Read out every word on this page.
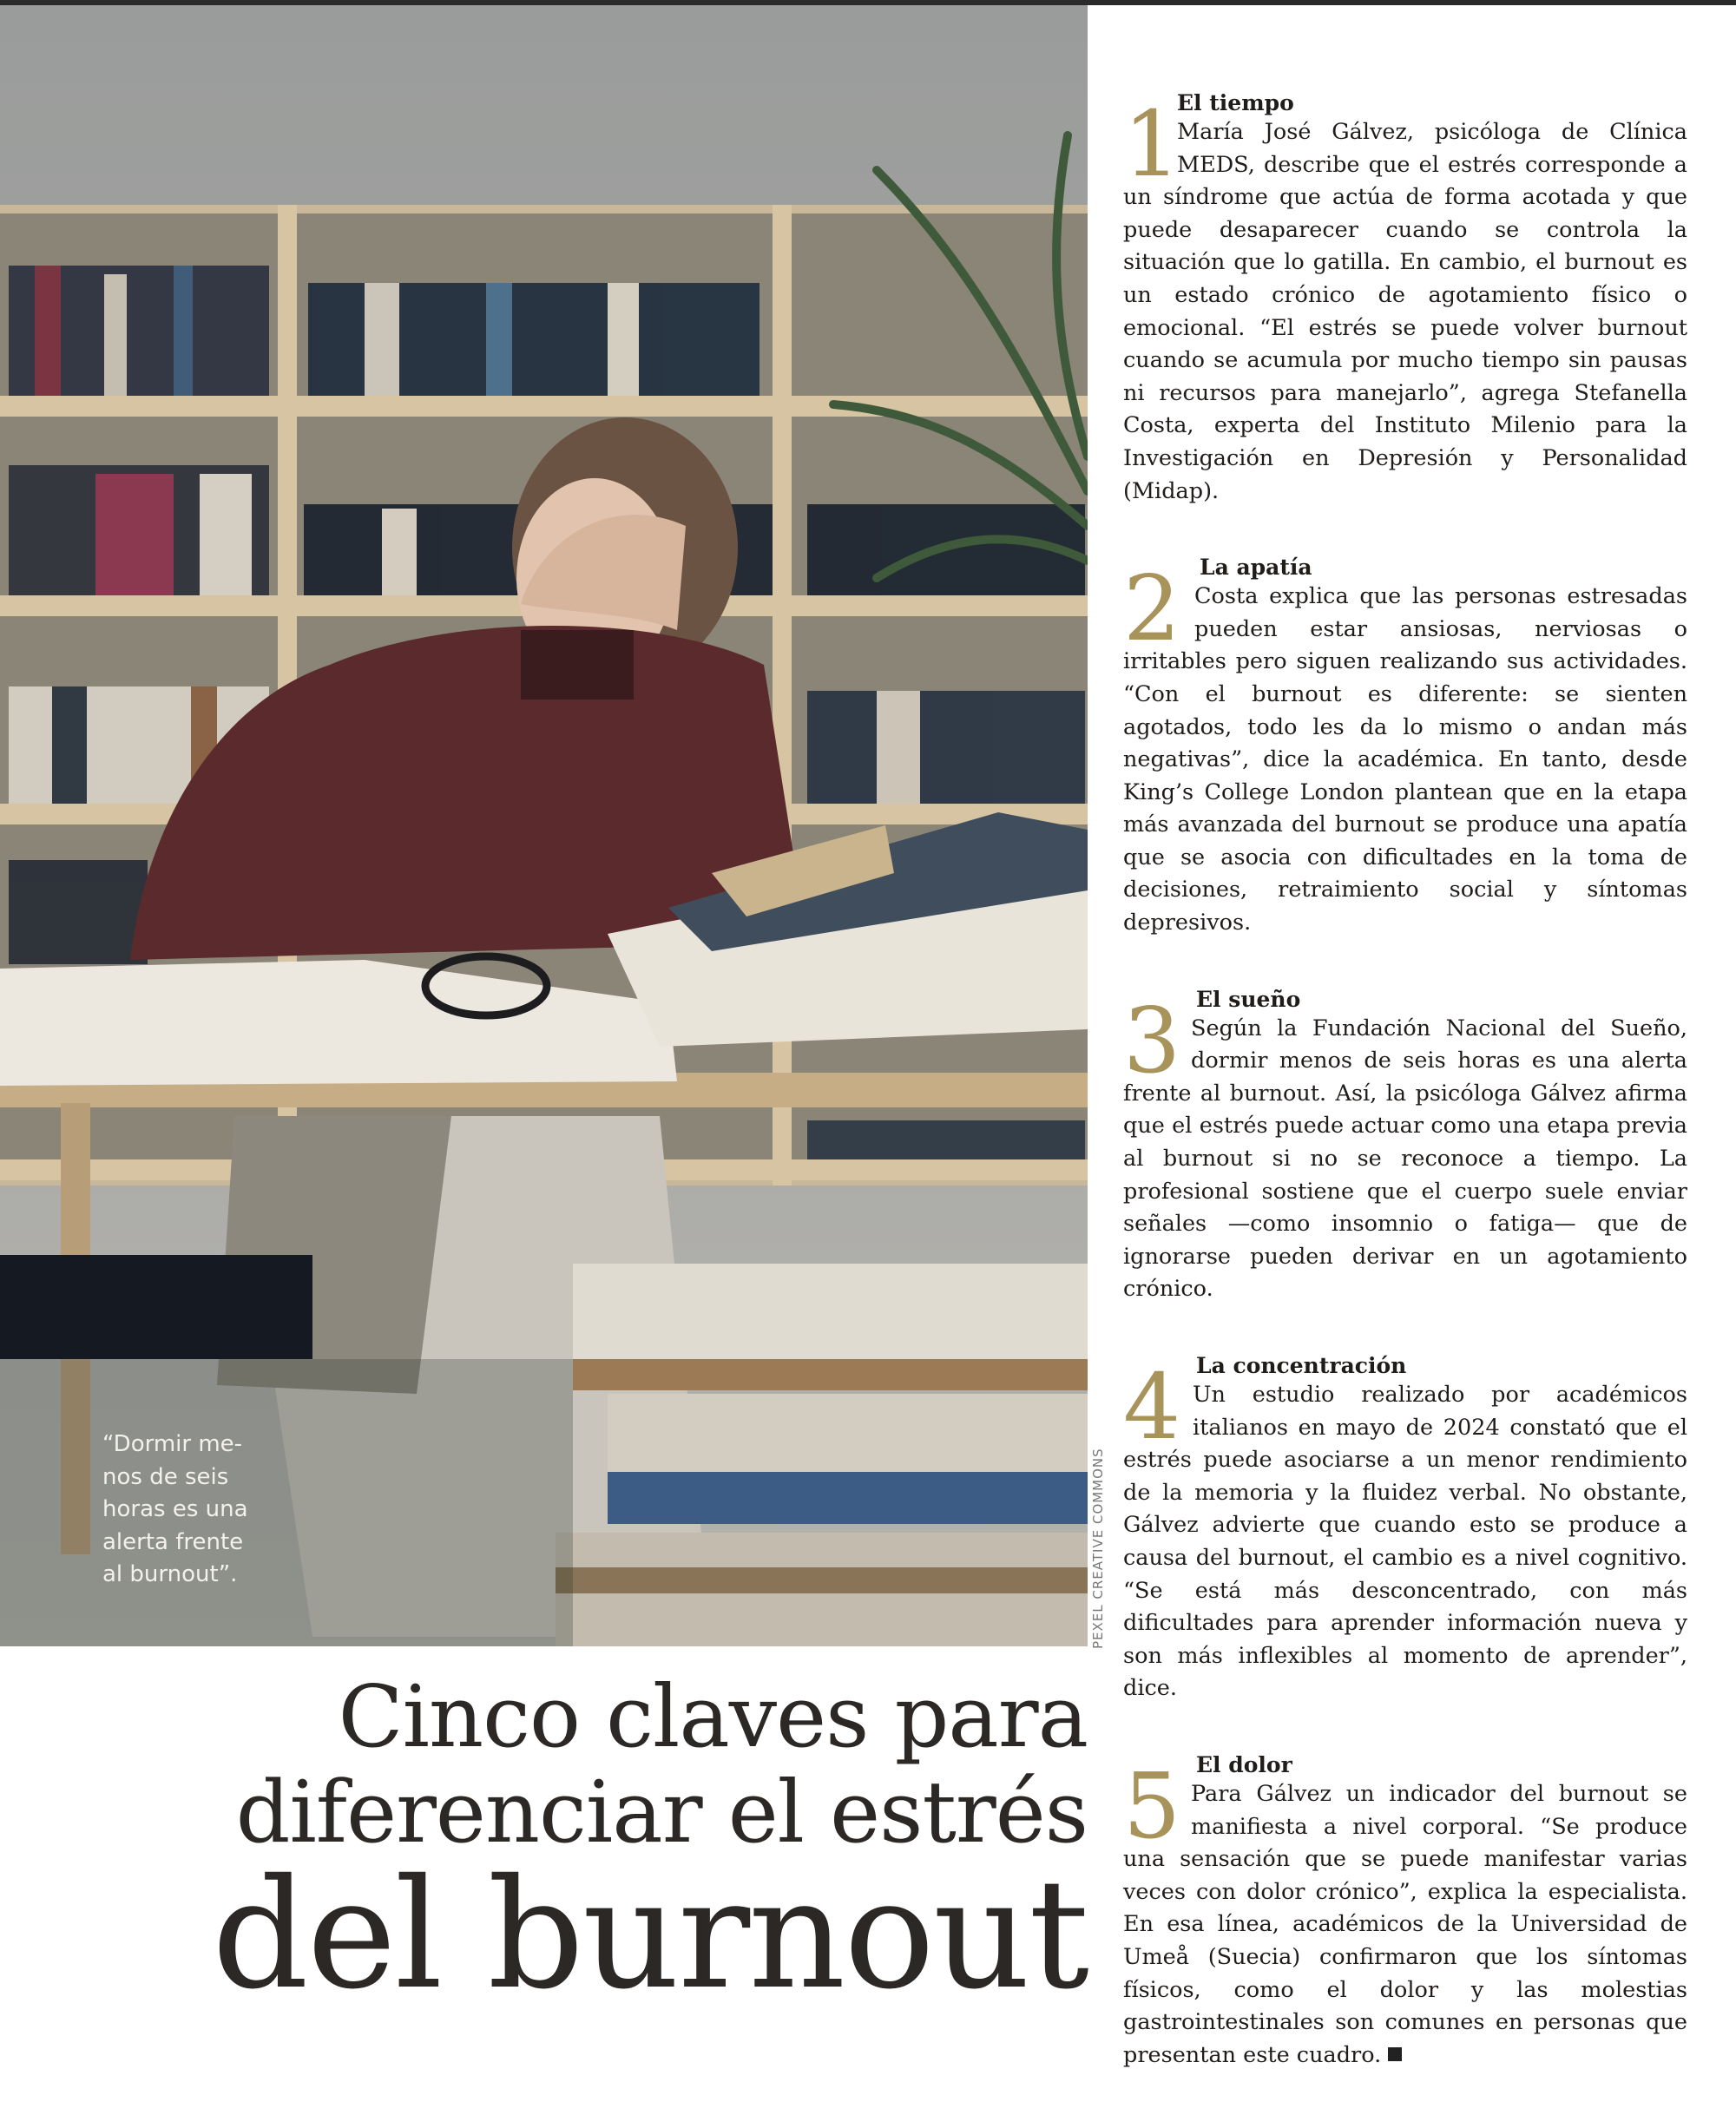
“Dormir me-
nos de seis
horas es una
alerta frente
al burnout”.	PEXEL CREATIVE COMMONS
Cinco claves para
diferenciar el estrés
del burnout
1
El tiempo

María José Gálvez, psicóloga de Clínica MEDS, describe que el estrés corresponde a un síndrome que actúa de forma acotada y que puede desaparecer cuando se controla la situación que lo gatilla. En cambio, el burnout es un estado crónico de agotamiento físico o emocional. “El estrés se puede volver burnout cuando se acumula por mucho tiempo sin pausas ni recursos para manejarlo”, agrega Stefanella Costa, experta del Instituto Milenio para la Investigación en Depresión y Personalidad (Midap).

2 La apatía

Costa explica que las personas estresadas pueden estar ansiosas, nerviosas o irritables pero siguen realizando sus actividades. “Con el burnout es diferente: se sienten agotados, todo les da lo mismo o andan más negativas”, dice la académica. En tanto, desde King’s College London plantean que en la etapa más avanzada del burnout se produce una apatía que se asocia con dificultades en la toma de decisiones, retraimiento social y síntomas depresivos.

3 El sueño

Según la Fundación Nacional del Sueño, dormir menos de seis horas es una alerta frente al burnout. Así, la psicóloga Gálvez afirma que el estrés puede actuar como una etapa previa al burnout si no se reconoce a tiempo. La profesional sostiene que el cuerpo suele enviar señales —como insomnio o fatiga— que de ignorarse pueden derivar en un agotamiento crónico.

4 La concentración

Un estudio realizado por académicos italianos en mayo de 2024 constató que el estrés puede asociarse a un menor rendimiento de la memoria y la fluidez verbal. No obstante, Gálvez advierte que cuando esto se produce a causa del burnout, el cambio es a nivel cognitivo. “Se está más desconcentrado, con más dificultades para aprender información nueva y son más inflexibles al momento de aprender”, dice.

5 El dolor

Para Gálvez un indicador del burnout se manifiesta a nivel corporal. “Se produce una sensación que se puede manifestar varias veces con dolor crónico”, explica la especialista. En esa línea, académicos de la Universidad de Umeå (Suecia) confirmaron que los síntomas físicos, como el dolor y las molestias gastrointestinales son comunes en personas que presentan este cuadro.
